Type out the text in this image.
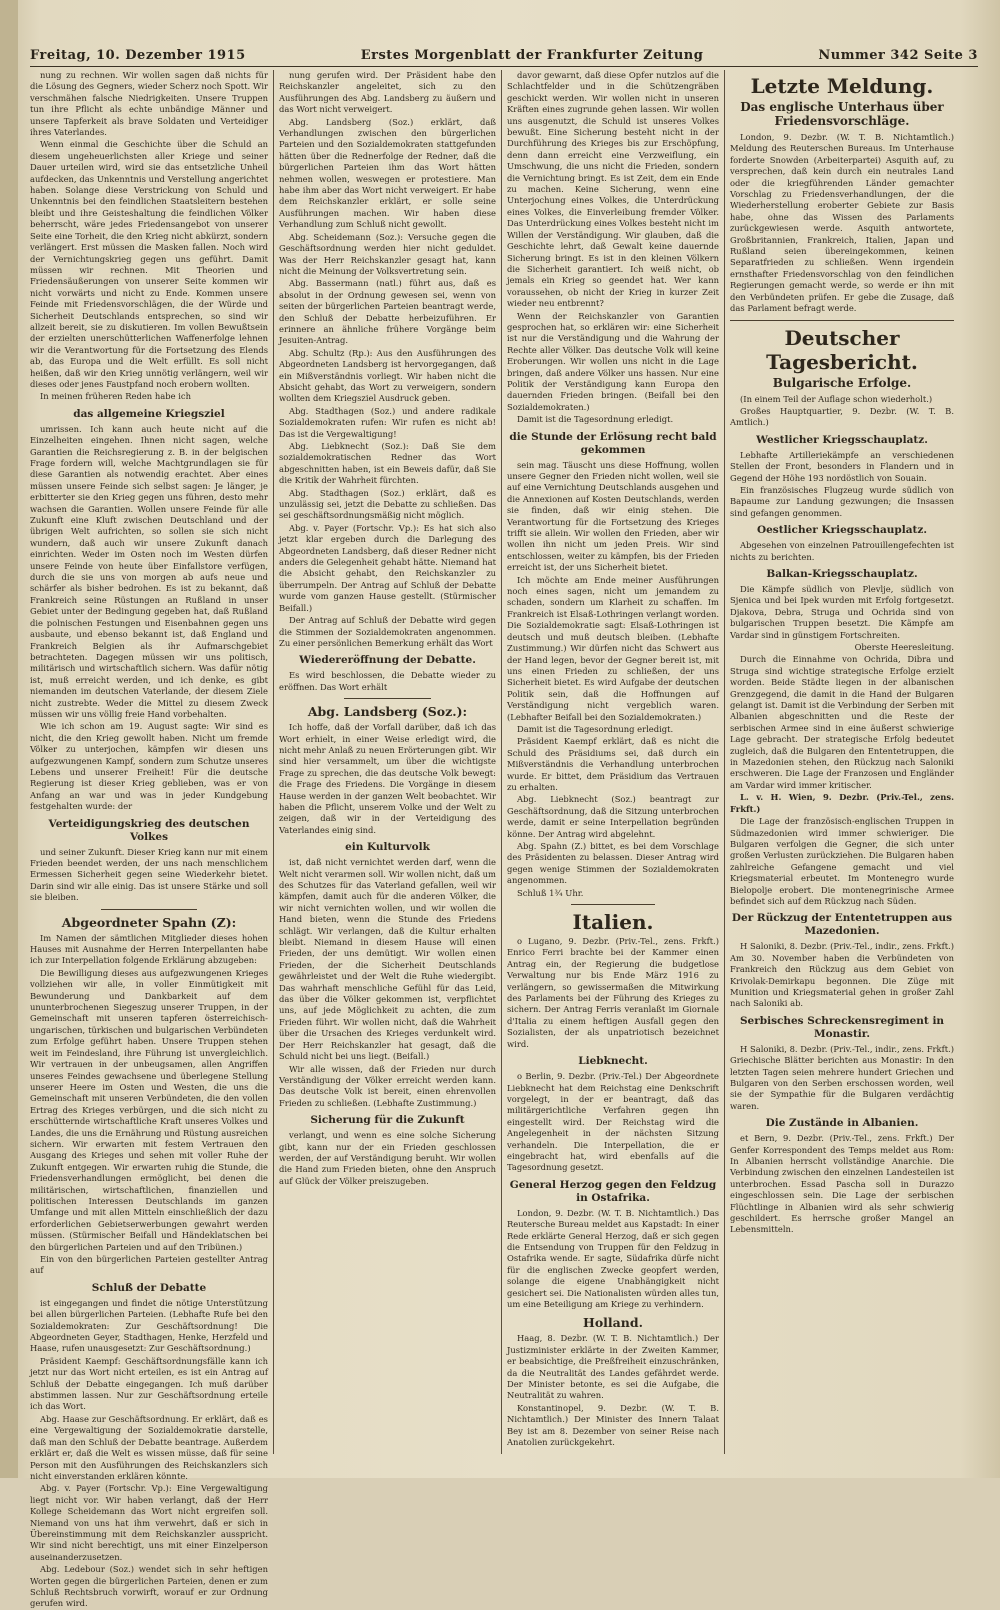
Freitag, 10. Dezember 1915	Erstes Morgenblatt der Frankfurter Zeitung	Nummer 342 Seite 3

nung zu rechnen. Wir wollen sagen daß nichts für die Lösung des Gegners, wieder Scherz noch Spott. Wir verschmähen falsche Niedrigkeiten. Unsere Truppen tun ihre Pflicht als echte unbändige Männer und unsere Tapferkeit als brave Soldaten und Verteidiger ihres Vaterlandes.

Wenn einmal die Geschichte über die Schuld an diesem ungeheuerlichsten aller Kriege und seiner Dauer urteilen wird, wird sie das entsetzliche Unheil aufdecken, das Unkenntnis und Verstellung angerichtet haben. Solange diese Verstrickung von Schuld und Unkenntnis bei den feindlichen Staatsleitern bestehen bleibt und ihre Geisteshaltung die feindlichen Völker beherrscht, wäre jedes Friedensangebot von unserer Seite eine Torheit, die den Krieg nicht abkürzt, sondern verlängert. Erst müssen die Masken fallen. Noch wird der Vernichtungskrieg gegen uns geführt. Damit müssen wir rechnen. Mit Theorien und Friedensäußerungen von unserer Seite kommen wir nicht vorwärts und nicht zu Ende. Kommen unsere Feinde mit Friedensvorschlägen, die der Würde und Sicherheit Deutschlands entsprechen, so sind wir allzeit bereit, sie zu diskutieren. Im vollen Bewußtsein der erzielten unerschütterlichen Waffenerfolge lehnen wir die Verantwortung für die Fortsetzung des Elends ab, das Europa und die Welt erfüllt. Es soll nicht heißen, daß wir den Krieg unnötig verlängern, weil wir dieses oder jenes Faustpfand noch erobern wollten.

In meinen früheren Reden habe ich

das allgemeine Kriegsziel

umrissen. Ich kann auch heute nicht auf die Einzelheiten eingehen. Ihnen nicht sagen, welche Garantien die Reichsregierung z. B. in der belgischen Frage fordern will, welche Machtgrundlagen sie für diese Garantien als notwendig erachtet. Aber eines müssen unsere Feinde sich selbst sagen: Je länger, je erbitterter sie den Krieg gegen uns führen, desto mehr wachsen die Garantien. Wollen unsere Feinde für alle Zukunft eine Kluft zwischen Deutschland und der übrigen Welt aufrichten, so sollen sie sich nicht wundern, daß auch wir unsere Zukunft danach einrichten. Weder im Osten noch im Westen dürfen unsere Feinde von heute über Einfallstore verfügen, durch die sie uns von morgen ab aufs neue und schärfer als bisher bedrohen. Es ist zu bekannt, daß Frankreich seine Rüstungen an Rußland in unser Gebiet unter der Bedingung gegeben hat, daß Rußland die polnischen Festungen und Eisenbahnen gegen uns ausbaute, und ebenso bekannt ist, daß England und Frankreich Belgien als ihr Aufmarschgebiet betrachteten. Dagegen müssen wir uns politisch, militärisch und wirtschaftlich sichern. Was dafür nötig ist, muß erreicht werden, und ich denke, es gibt niemanden im deutschen Vaterlande, der diesem Ziele nicht zustrebte. Weder die Mittel zu diesem Zweck müssen wir uns völlig freie Hand vorbehalten.

Wie ich schon am 19. August sagte: Wir sind es nicht, die den Krieg gewollt haben. Nicht um fremde Völker zu unterjochen, kämpfen wir diesen uns aufgezwungenen Kampf, sondern zum Schutze unseres Lebens und unserer Freiheit! Für die deutsche Regierung ist dieser Krieg geblieben, was er von Anfang an war und was in jeder Kundgebung festgehalten wurde: der

Verteidigungskrieg des deutschen Volkes

und seiner Zukunft. Dieser Krieg kann nur mit einem Frieden beendet werden, der uns nach menschlichem Ermessen Sicherheit gegen seine Wiederkehr bietet. Darin sind wir alle einig. Das ist unsere Stärke und soll sie bleiben.

Abgeordneter Spahn (Z):

Im Namen der sämtlichen Mitglieder dieses hohen Hauses mit Ausnahme der Herren Interpellanten habe ich zur Interpellation folgende Erklärung abzugeben:

Die Bewilligung dieses aus aufgezwungenen Krieges vollziehen wir alle, in voller Einmütigkeit mit Bewunderung und Dankbarkeit auf dem ununterbrochenen Siegeszug unserer Truppen, in der Gemeinschaft mit unseren tapferen österreichisch-ungarischen, türkischen und bulgarischen Verbündeten zum Erfolge geführt haben. Unsere Truppen stehen weit im Feindesland, ihre Führung ist unvergleichlich. Wir vertrauen in der unbeugsamen, allen Angriffen unseres Feindes gewachsene und überlegene Stellung unserer Heere im Osten und Westen, die uns die Gemeinschaft mit unseren Verbündeten, die den vollen Ertrag des Krieges verbürgen, und die sich nicht zu erschütternde wirtschaftliche Kraft unseres Volkes und Landes, die uns die Ernährung und Rüstung ausreichen sichern. Wir erwarten mit festem Vertrauen den Ausgang des Krieges und sehen mit voller Ruhe der Zukunft entgegen. Wir erwarten ruhig die Stunde, die Friedensverhandlungen ermöglicht, bei denen die militärischen, wirtschaftlichen, finanziellen und politischen Interessen Deutschlands im ganzen Umfange und mit allen Mitteln einschließlich der dazu erforderlichen Gebietserwerbungen gewahrt werden müssen. (Stürmischer Beifall und Händeklatschen bei den bürgerlichen Parteien und auf den Tribünen.)

Ein von den bürgerlichen Parteien gestellter Antrag auf

Schluß der Debatte

ist eingegangen und findet die nötige Unterstützung bei allen bürgerlichen Parteien. (Lebhafte Rufe bei den Sozialdemokraten: Zur Geschäftsordnung! Die Abgeordneten Geyer, Stadthagen, Henke, Herzfeld und Haase, rufen unausgesetzt: Zur Geschäftsordnung.)

Präsident Kaempf: Geschäftsordnungsfälle kann ich jetzt nur das Wort nicht erteilen, es ist ein Antrag auf Schluß der Debatte eingegangen. Ich muß darüber abstimmen lassen. Nur zur Geschäftsordnung erteile ich das Wort.

Abg. Haase zur Geschäftsordnung. Er erklärt, daß es eine Vergewaltigung der Sozialdemokratie darstelle, daß man den Schluß der Debatte beantrage. Außerdem erklärt er, daß die Welt es wissen müsse, daß für seine Person mit den Ausführungen des Reichskanzlers sich nicht einverstanden erklären könnte.

Abg. v. Payer (Fortschr. Vp.): Eine Vergewaltigung liegt nicht vor. Wir haben verlangt, daß der Herr Kollege Scheidemann das Wort nicht ergreifen soll. Niemand von uns hat ihm verwehrt, daß er sich in Übereinstimmung mit dem Reichskanzler ausspricht. Wir sind nicht berechtigt, uns mit einer Einzelperson auseinanderzusetzen.

Abg. Ledebour (Soz.) wendet sich in sehr heftigen Worten gegen die bürgerlichen Parteien, denen er zum Schluß Rechtsbruch vorwirft, worauf er zur Ordnung gerufen wird.

nung gerufen wird. Der Präsident habe den Reichskanzler angeleitet, sich zu den Ausführungen des Abg. Landsberg zu äußern und das Wort nicht verweigert.

Abg. Landsberg (Soz.) erklärt, daß Verhandlungen zwischen den bürgerlichen Parteien und den Sozialdemokraten stattgefunden hätten über die Rednerfolge der Redner, daß die bürgerlichen Parteien ihm das Wort hätten nehmen wollen, weswegen er protestiere. Man habe ihm aber das Wort nicht verweigert. Er habe dem Reichskanzler erklärt, er solle seine Ausführungen machen. Wir haben diese Verhandlung zum Schluß nicht gewollt.

Abg. Scheidemann (Soz.): Versuche gegen die Geschäftsordnung werden hier nicht geduldet. Was der Herr Reichskanzler gesagt hat, kann nicht die Meinung der Volksvertretung sein.

Abg. Bassermann (natl.) führt aus, daß es absolut in der Ordnung gewesen sei, wenn von seiten der bürgerlichen Parteien beantragt werde, den Schluß der Debatte herbeizuführen. Er erinnere an ähnliche frühere Vorgänge beim Jesuiten-Antrag.

Abg. Schultz (Rp.): Aus den Ausführungen des Abgeordneten Landsberg ist hervorgegangen, daß ein Mißverständnis vorliegt. Wir haben nicht die Absicht gehabt, das Wort zu verweigern, sondern wollten dem Kriegsziel Ausdruck geben.

Abg. Stadthagen (Soz.) und andere radikale Sozialdemokraten rufen: Wir rufen es nicht ab! Das ist die Vergewaltigung!

Abg. Liebknecht (Soz.): Daß Sie dem sozialdemokratischen Redner das Wort abgeschnitten haben, ist ein Beweis dafür, daß Sie die Kritik der Wahrheit fürchten.

Abg. Stadthagen (Soz.) erklärt, daß es unzulässig sei, jetzt die Debatte zu schließen. Das sei geschäftsordnungsmäßig nicht möglich.

Abg. v. Payer (Fortschr. Vp.): Es hat sich also jetzt klar ergeben durch die Darlegung des Abgeordneten Landsberg, daß dieser Redner nicht anders die Gelegenheit gehabt hätte. Niemand hat die Absicht gehabt, den Reichskanzler zu überrumpeln. Der Antrag auf Schluß der Debatte wurde vom ganzen Hause gestellt. (Stürmischer Beifall.)

Der Antrag auf Schluß der Debatte wird gegen die Stimmen der Sozialdemokraten angenommen. Zu einer persönlichen Bemerkung erhält das Wort

Wiedereröffnung der Debatte.

Es wird beschlossen, die Debatte wieder zu eröffnen. Das Wort erhält

Abg. Landsberg (Soz.):

Ich hoffe, daß der Vorfall darüber, daß ich das Wort erhielt, in einer Weise erledigt wird, die nicht mehr Anlaß zu neuen Erörterungen gibt. Wir sind hier versammelt, um über die wichtigste Frage zu sprechen, die das deutsche Volk bewegt: die Frage des Friedens. Die Vorgänge in diesem Hause werden in der ganzen Welt beobachtet. Wir haben die Pflicht, unserem Volke und der Welt zu zeigen, daß wir in der Verteidigung des Vaterlandes einig sind.

ein Kulturvolk

ist, daß nicht vernichtet werden darf, wenn die Welt nicht verarmen soll. Wir wollen nicht, daß um des Schutzes für das Vaterland gefallen, weil wir kämpfen, damit auch für die anderen Völker, die wir nicht vernichten wollen, und wir wollen die Hand bieten, wenn die Stunde des Friedens schlägt. Wir verlangen, daß die Kultur erhalten bleibt. Niemand in diesem Hause will einen Frieden, der uns demütigt. Wir wollen einen Frieden, der die Sicherheit Deutschlands gewährleistet und der Welt die Ruhe wiedergibt. Das wahrhaft menschliche Gefühl für das Leid, das über die Völker gekommen ist, verpflichtet uns, auf jede Möglichkeit zu achten, die zum Frieden führt. Wir wollen nicht, daß die Wahrheit über die Ursachen des Krieges verdunkelt wird. Der Herr Reichskanzler hat gesagt, daß die Schuld nicht bei uns liegt. (Beifall.)

Wir alle wissen, daß der Frieden nur durch Verständigung der Völker erreicht werden kann. Das deutsche Volk ist bereit, einen ehrenvollen Frieden zu schließen. (Lebhafte Zustimmung.)

Sicherung für die Zukunft

verlangt, und wenn es eine solche Sicherung gibt, kann nur der ein Frieden geschlossen werden, der auf Verständigung beruht. Wir wollen die Hand zum Frieden bieten, ohne den Anspruch auf Glück der Völker preiszugeben.

davor gewarnt, daß diese Opfer nutzlos auf die Schlachtfelder und in die Schützengräben geschickt werden. Wir wollen nicht in unseren Kräften eines zugrunde gehen lassen. Wir wollen uns ausgenutzt, die Schuld ist unseres Volkes bewußt. Eine Sicherung besteht nicht in der Durchführung des Krieges bis zur Erschöpfung, denn dann erreicht eine Verzweiflung, ein Umschwung, die uns nicht die Frieden, sondern die Vernichtung bringt. Es ist Zeit, dem ein Ende zu machen. Keine Sicherung, wenn eine Unterjochung eines Volkes, die Unterdrückung eines Volkes, die Einverleibung fremder Völker. Das Unterdrückung eines Volkes besteht nicht im Willen der Verständigung. Wir glauben, daß die Geschichte lehrt, daß Gewalt keine dauernde Sicherung bringt. Es ist in den kleinen Völkern die Sicherheit garantiert. Ich weiß nicht, ob jemals ein Krieg so geendet hat. Wer kann voraussehen, ob nicht der Krieg in kurzer Zeit wieder neu entbrennt?

Wenn der Reichskanzler von Garantien gesprochen hat, so erklären wir: eine Sicherheit ist nur die Verständigung und die Wahrung der Rechte aller Völker. Das deutsche Volk will keine Eroberungen. Wir wollen uns nicht in die Lage bringen, daß andere Völker uns hassen. Nur eine Politik der Verständigung kann Europa den dauernden Frieden bringen. (Beifall bei den Sozialdemokraten.)

Damit ist die Tagesordnung erledigt.

die Stunde der Erlösung recht bald gekommen

sein mag. Täuscht uns diese Hoffnung, wollen unsere Gegner den Frieden nicht wollen, weil sie auf eine Vernichtung Deutschlands ausgehen und die Annexionen auf Kosten Deutschlands, werden sie finden, daß wir einig stehen. Die Verantwortung für die Fortsetzung des Krieges trifft sie allein. Wir wollen den Frieden, aber wir wollen ihn nicht um jeden Preis. Wir sind entschlossen, weiter zu kämpfen, bis der Frieden erreicht ist, der uns Sicherheit bietet.

Ich möchte am Ende meiner Ausführungen noch eines sagen, nicht um jemandem zu schaden, sondern um Klarheit zu schaffen. Im Frankreich ist Elsaß-Lothringen verlangt worden. Die Sozialdemokratie sagt: Elsaß-Lothringen ist deutsch und muß deutsch bleiben. (Lebhafte Zustimmung.) Wir dürfen nicht das Schwert aus der Hand legen, bevor der Gegner bereit ist, mit uns einen Frieden zu schließen, der uns Sicherheit bietet. Es wird Aufgabe der deutschen Politik sein, daß die Hoffnungen auf Verständigung nicht vergeblich waren. (Lebhafter Beifall bei den Sozialdemokraten.)

Damit ist die Tagesordnung erledigt.

Präsident Kaempf erklärt, daß es nicht die Schuld des Präsidiums sei, daß durch ein Mißverständnis die Verhandlung unterbrochen wurde. Er bittet, dem Präsidium das Vertrauen zu erhalten.

Abg. Liebknecht (Soz.) beantragt zur Geschäftsordnung, daß die Sitzung unterbrochen werde, damit er seine Interpellation begründen könne. Der Antrag wird abgelehnt.

Abg. Spahn (Z.) bittet, es bei dem Vorschlage des Präsidenten zu belassen. Dieser Antrag wird gegen wenige Stimmen der Sozialdemokraten angenommen.

Schluß 1¾ Uhr.

Italien.

o Lugano, 9. Dezbr. (Priv.-Tel., zens. Frkft.) Enrico Ferri brachte bei der Kammer einen Antrag ein, der Regierung die budgetlose Verwaltung nur bis Ende März 1916 zu verlängern, so gewissermaßen die Mitwirkung des Parlaments bei der Führung des Krieges zu sichern. Der Antrag Ferris veranlaßt im Giornale d'Italia zu einem heftigen Ausfall gegen den Sozialisten, der als unpatriotisch bezeichnet wird.

Liebknecht.

o Berlin, 9. Dezbr. (Priv.-Tel.) Der Abgeordnete Liebknecht hat dem Reichstag eine Denkschrift vorgelegt, in der er beantragt, daß das militärgerichtliche Verfahren gegen ihn eingestellt wird. Der Reichstag wird die Angelegenheit in der nächsten Sitzung verhandeln. Die Interpellation, die er eingebracht hat, wird ebenfalls auf die Tagesordnung gesetzt.

General Herzog gegen den Feldzug in Ostafrika.

London, 9. Dezbr. (W. T. B. Nichtamtlich.) Das Reutersche Bureau meldet aus Kapstadt: In einer Rede erklärte General Herzog, daß er sich gegen die Entsendung von Truppen für den Feldzug in Ostafrika wende. Er sagte, Südafrika dürfe nicht für die englischen Zwecke geopfert werden, solange die eigene Unabhängigkeit nicht gesichert sei. Die Nationalisten würden alles tun, um eine Beteiligung am Kriege zu verhindern.

Holland.

Haag, 8. Dezbr. (W. T. B. Nichtamtlich.) Der Justizminister erklärte in der Zweiten Kammer, er beabsichtige, die Preßfreiheit einzuschränken, da die Neutralität des Landes gefährdet werde. Der Minister betonte, es sei die Aufgabe, die Neutralität zu wahren.

Konstantinopel, 9. Dezbr. (W. T. B. Nichtamtlich.) Der Minister des Innern Talaat Bey ist am 8. Dezember von seiner Reise nach Anatolien zurückgekehrt.

Letzte Meldung.
Das englische Unterhaus über Friedensvorschläge.

London, 9. Dezbr. (W. T. B. Nichtamtlich.) Meldung des Reuterschen Bureaus. Im Unterhause forderte Snowden (Arbeiterpartei) Asquith auf, zu versprechen, daß kein durch ein neutrales Land oder die kriegführenden Länder gemachter Vorschlag zu Friedensverhandlungen, der die Wiederherstellung eroberter Gebiete zur Basis habe, ohne das Wissen des Parlaments zurückgewiesen werde. Asquith antwortete, Großbritannien, Frankreich, Italien, Japan und Rußland seien übereingekommen, keinen Separatfrieden zu schließen. Wenn irgendein ernsthafter Friedensvorschlag von den feindlichen Regierungen gemacht werde, so werde er ihn mit den Verbündeten prüfen. Er gebe die Zusage, daß das Parlament befragt werde.

Deutscher Tagesbericht.
Bulgarische Erfolge.

(In einem Teil der Auflage schon wiederholt.)

Großes Hauptquartier, 9. Dezbr. (W. T. B. Amtlich.)

Westlicher Kriegsschauplatz.

Lebhafte Artilleriekämpfe an verschiedenen Stellen der Front, besonders in Flandern und in Gegend der Höhe 193 nordöstlich von Souain.

Ein französisches Flugzeug wurde südlich von Bapaume zur Landung gezwungen; die Insassen sind gefangen genommen.

Oestlicher Kriegsschauplatz.

Abgesehen von einzelnen Patrouillengefechten ist nichts zu berichten.

Balkan-Kriegsschauplatz.

Die Kämpfe südlich von Plevlje, südlich von Sjenica und bei Ipek wurden mit Erfolg fortgesetzt. Djakova, Debra, Struga und Ochrida sind von bulgarischen Truppen besetzt. Die Kämpfe am Vardar sind in günstigem Fortschreiten.

Oberste Heeresleitung.

Durch die Einnahme von Ochrida, Dibra und Struga sind wichtige strategische Erfolge erzielt worden. Beide Städte liegen in der albanischen Grenzgegend, die damit in die Hand der Bulgaren gelangt ist. Damit ist die Verbindung der Serben mit Albanien abgeschnitten und die Reste der serbischen Armee sind in eine äußerst schwierige Lage gebracht. Der strategische Erfolg bedeutet zugleich, daß die Bulgaren den Ententetruppen, die in Mazedonien stehen, den Rückzug nach Saloniki erschweren. Die Lage der Franzosen und Engländer am Vardar wird immer kritischer.

L. v. H. Wien, 9. Dezbr. (Priv.-Tel., zens. Frkft.)

Die Lage der französisch-englischen Truppen in Südmazedonien wird immer schwieriger. Die Bulgaren verfolgen die Gegner, die sich unter großen Verlusten zurückziehen. Die Bulgaren haben zahlreiche Gefangene gemacht und viel Kriegsmaterial erbeutet. Im Montenegro wurde Bielopolje erobert. Die montenegrinische Armee befindet sich auf dem Rückzug nach Süden.

Der Rückzug der Ententetruppen aus Mazedonien.

H Saloniki, 8. Dezbr. (Priv.-Tel., indir., zens. Frkft.) Am 30. November haben die Verbündeten von Frankreich den Rückzug aus dem Gebiet von Krivolak-Demirkapu begonnen. Die Züge mit Munition und Kriegsmaterial gehen in großer Zahl nach Saloniki ab.

Serbisches Schreckensregiment in Monastir.

H Saloniki, 8. Dezbr. (Priv.-Tel., indir., zens. Frkft.) Griechische Blätter berichten aus Monastir: In den letzten Tagen seien mehrere hundert Griechen und Bulgaren von den Serben erschossen worden, weil sie der Sympathie für die Bulgaren verdächtig waren.

Die Zustände in Albanien.

et Bern, 9. Dezbr. (Priv.-Tel., zens. Frkft.) Der Genfer Korrespondent des Temps meldet aus Rom: In Albanien herrscht vollständige Anarchie. Die Verbindung zwischen den einzelnen Landesteilen ist unterbrochen. Essad Pascha soll in Durazzo eingeschlossen sein. Die Lage der serbischen Flüchtlinge in Albanien wird als sehr schwierig geschildert. Es herrsche großer Mangel an Lebensmitteln.
